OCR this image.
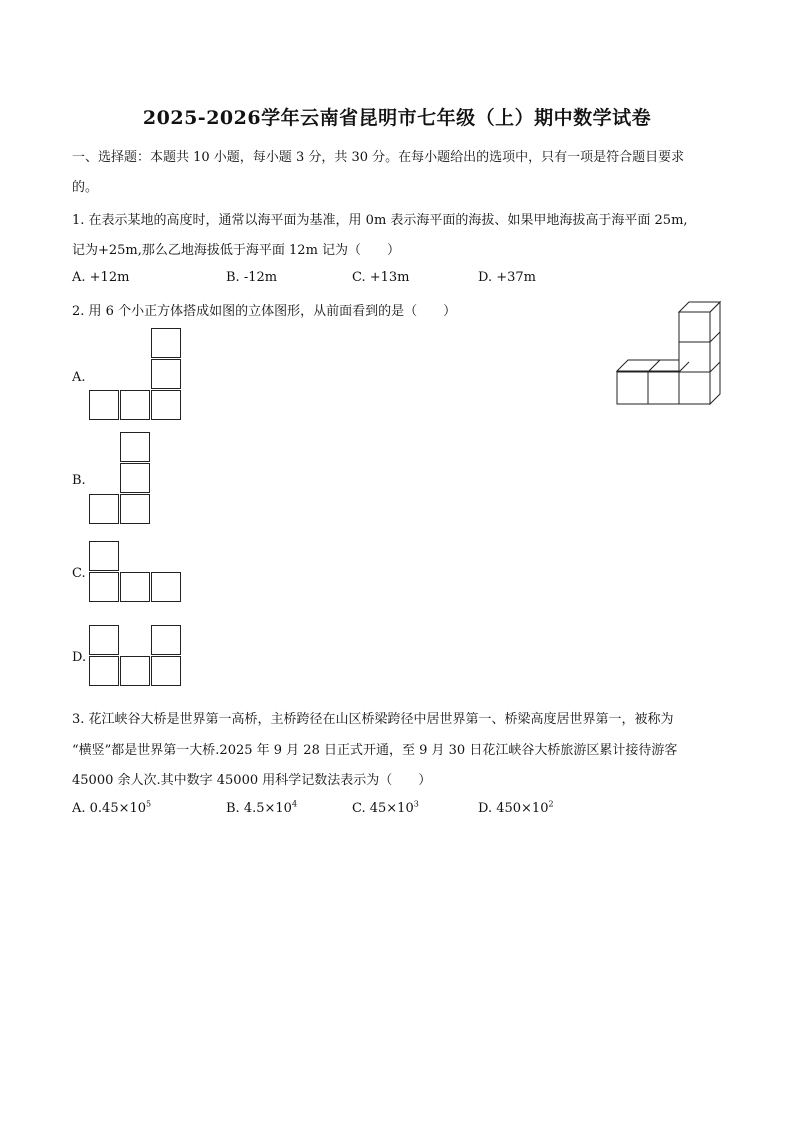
2025-2026学年云南省昆明市七年级（上）期中数学试卷
一、选择题：本题共 10 小题，每小题 3 分，共 30 分。在每小题给出的选项中，只有一项是符合题目要求
的。
1. 在表示某地的高度时，通常以海平面为基准，用 0m 表示海平面的海拔、如果甲地海拔高于海平面 25m,
记为+25m,那么乙地海拔低于海平面 12m 记为（　　）
A. +12m	B. -12m	C. +13m	D. +37m
2. 用 6 个小正方体搭成如图的立体图形，从前面看到的是（　　）
A.
B.
C.
D.
3. 花江峡谷大桥是世界第一高桥，主桥跨径在山区桥梁跨径中居世界第一、桥梁高度居世界第一，被称为
“横竖”都是世界第一大桥.2025 年 9 月 28 日正式开通，至 9 月 30 日花江峡谷大桥旅游区累计接待游客
45000 余人次.其中数字 45000 用科学记数法表示为（　　）
A. $0.45\times 10^5$	B. $4.5\times 10^4$	C. $45\times 10^3$	D. $450\times 10^2$
